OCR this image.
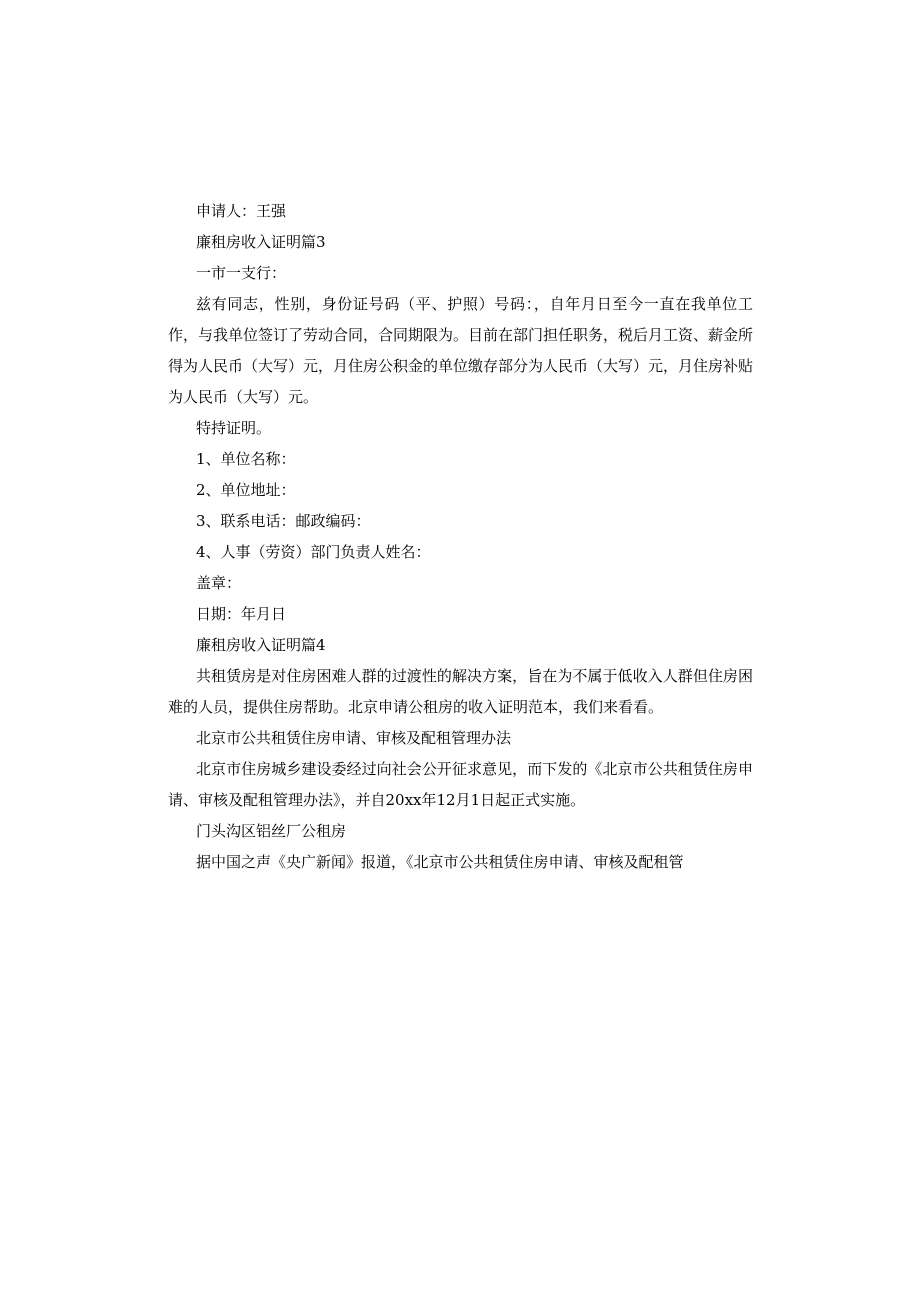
申请人：王强

廉租房收入证明篇3

一市一支行：

兹有同志，性别，身份证号码（平、护照）号码：，自年月日至今一直在我单位工作，与我单位签订了劳动合同，合同期限为。目前在部门担任职务，税后月工资、薪金所得为人民币（大写）元，月住房公积金的单位缴存部分为人民币（大写）元，月住房补贴为人民币（大写）元。

特持证明。

1、单位名称：

2、单位地址：

3、联系电话：邮政编码：

4、人事（劳资）部门负责人姓名：

盖章：

日期：年月日

廉租房收入证明篇4

共租赁房是对住房困难人群的过渡性的解决方案，旨在为不属于低收入人群但住房困难的人员，提供住房帮助。北京申请公租房的收入证明范本，我们来看看。

北京市公共租赁住房申请、审核及配租管理办法

北京市住房城乡建设委经过向社会公开征求意见，而下发的《北京市公共租赁住房申请、审核及配租管理办法》，并自20xx年12月1日起正式实施。

门头沟区铝丝厂公租房

据中国之声《央广新闻》报道，《北京市公共租赁住房申请、审核及配租管
